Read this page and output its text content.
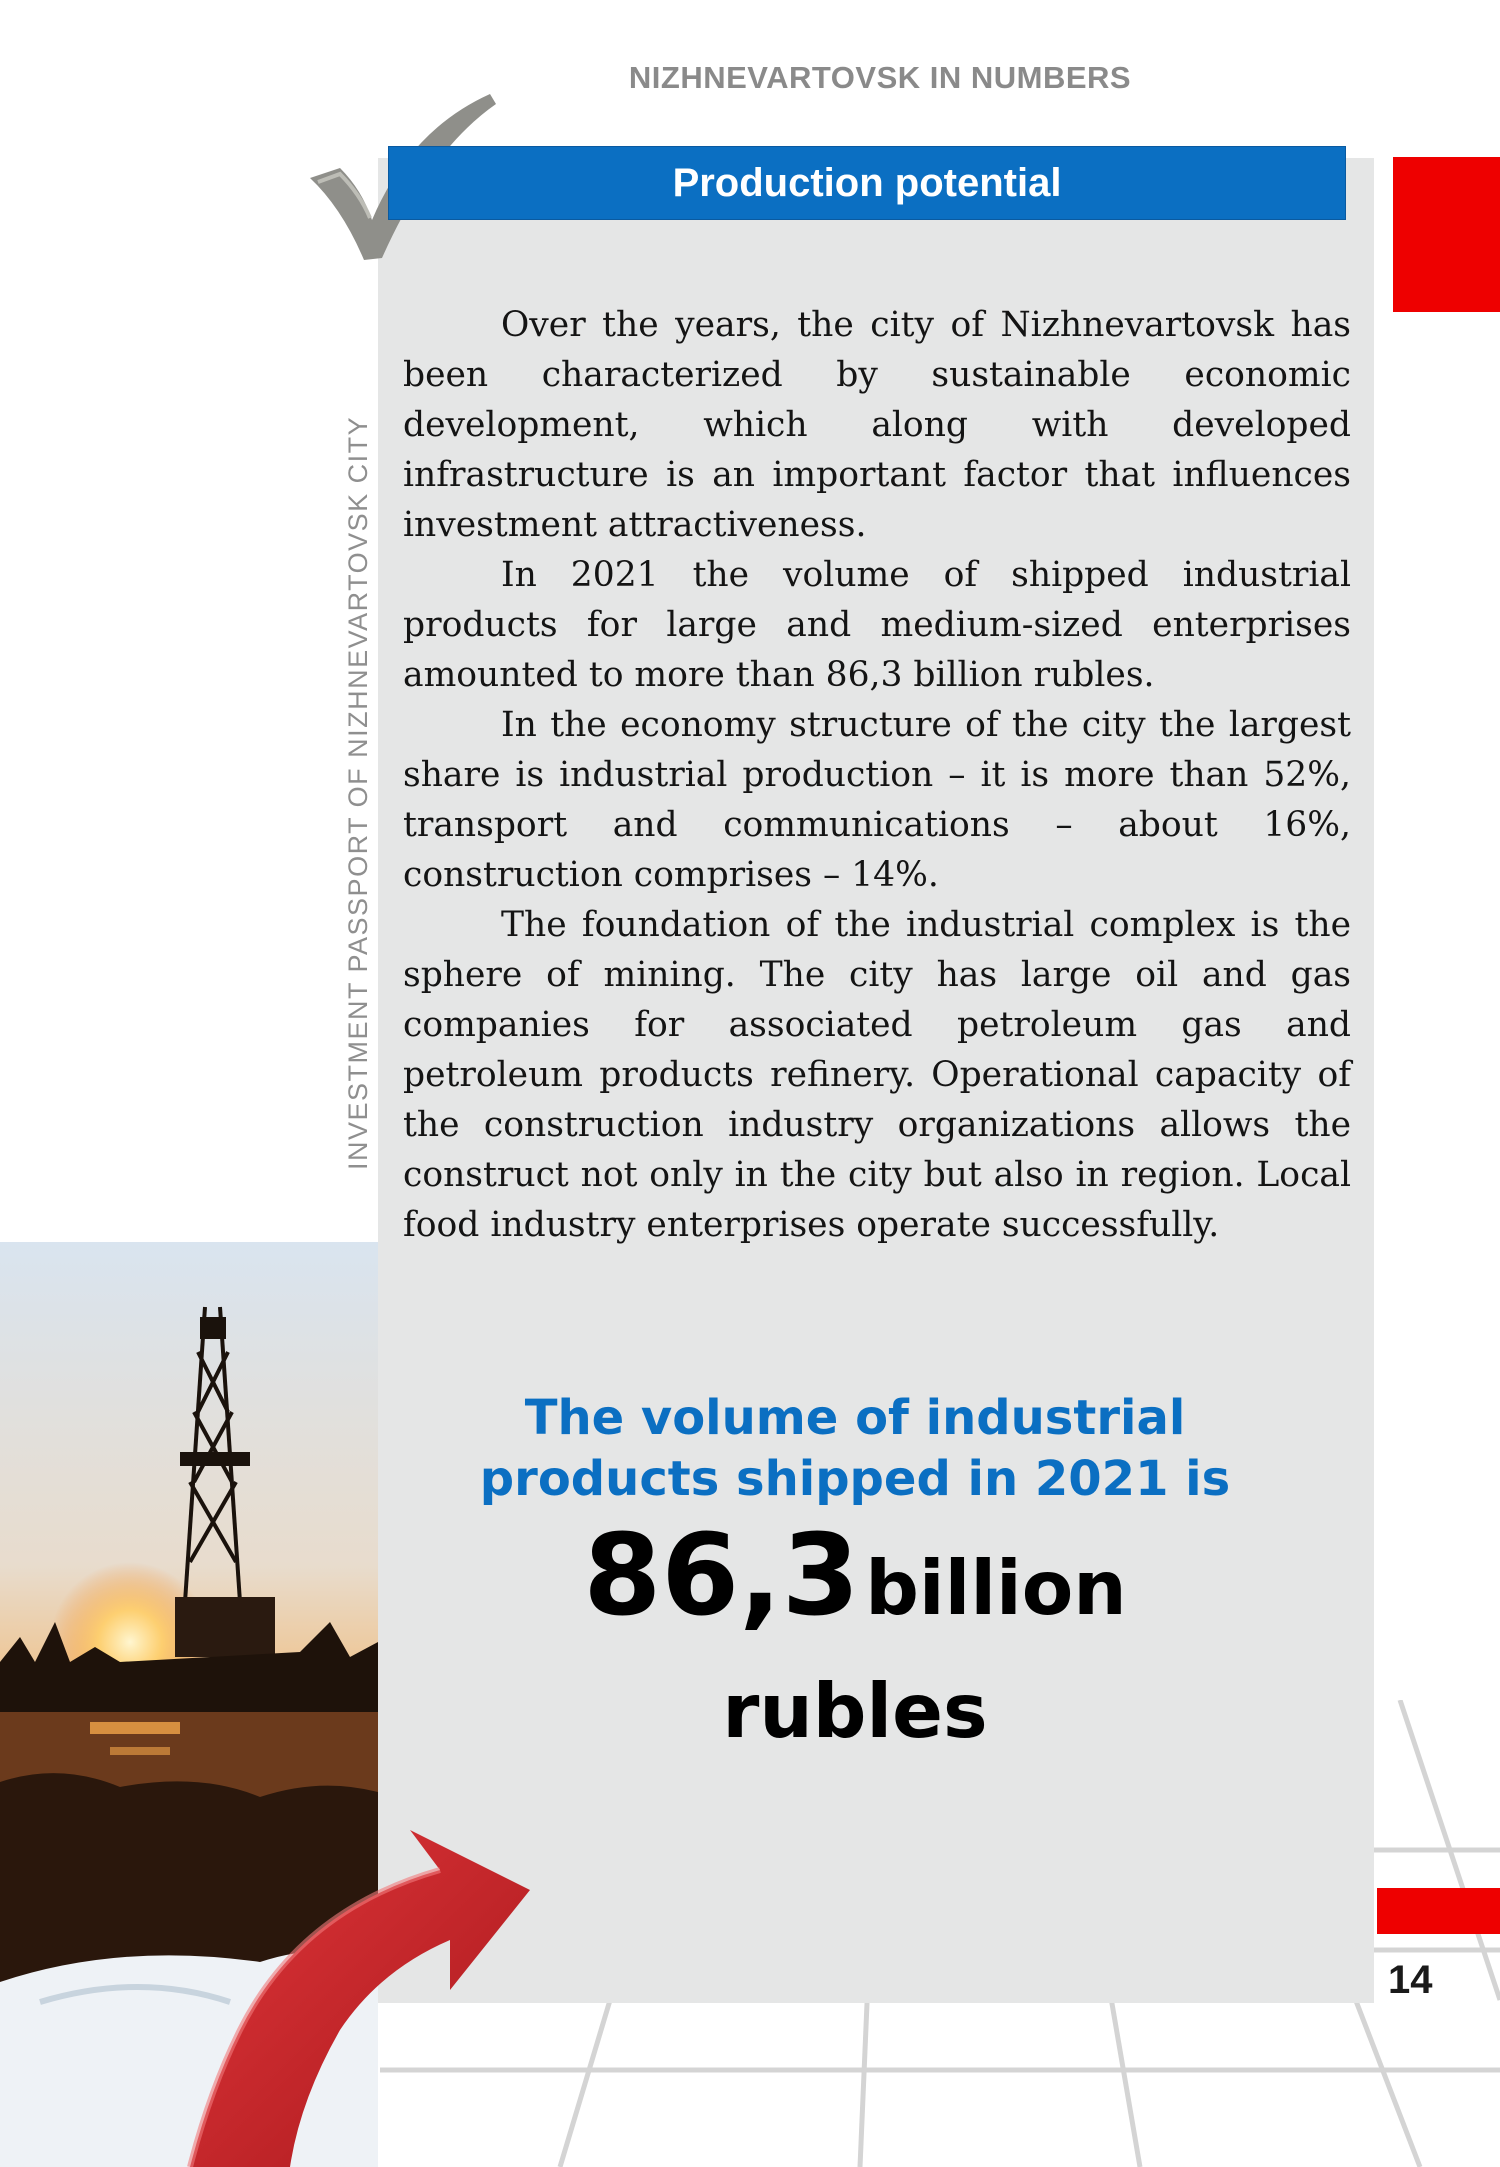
NIZHNEVARTOVSK IN NUMBERS
Production potential
INVESTMENT PASSPORT OF NIZHNEVARTOVSK CITY

Over the years, the city of Nizhnevartovsk has been characterized by sustainable economic development, which along with developed infrastructure is an important factor that influences investment attractiveness.

In 2021 the volume of shipped industrial products for large and medium-sized enterprises amounted to more than 86,3 billion rubles.

In the economy structure of the city the largest share is industrial production – it is more than 52%, transport and communications – about 16%, construction comprises – 14%.

The foundation of the industrial complex is the sphere of mining. The city has large oil and gas companies for associated petroleum gas and petroleum products refinery. Operational capacity of the construction industry organizations allows the construct not only in the city but also in region. Local food industry enterprises operate successfully.

The volume of industrial
products shipped in 2021 is
86,3 billion
rubles
14
